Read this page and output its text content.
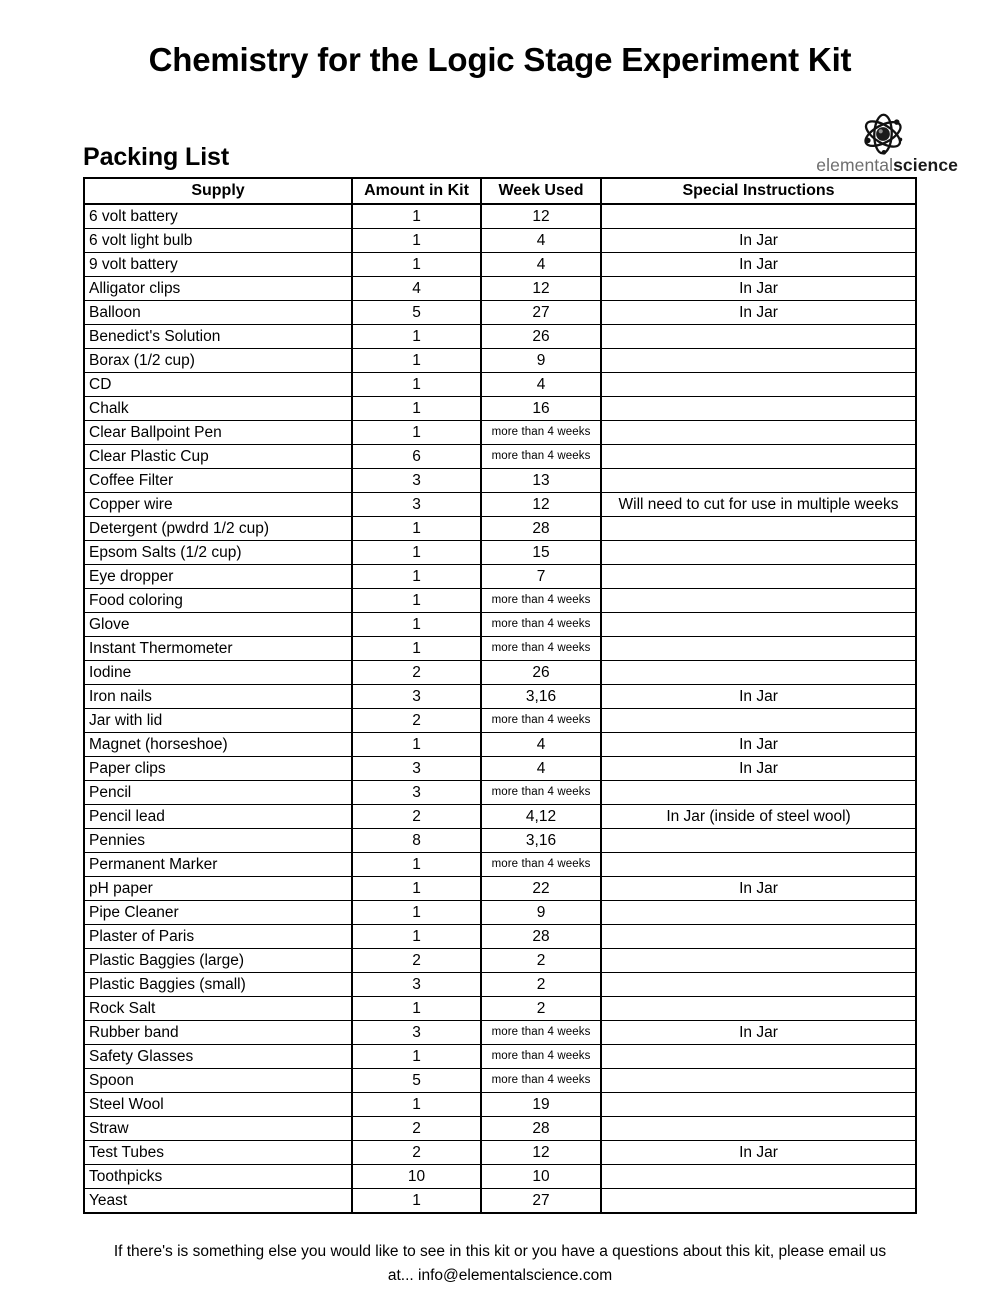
Chemistry for the Logic Stage Experiment Kit
Packing List	elementalscience
Supply	Amount in Kit	Week Used	Special Instructions
6 volt battery	1	12	
6 volt light bulb	1	4	In Jar
9 volt battery	1	4	In Jar
Alligator clips	4	12	In Jar
Balloon	5	27	In Jar
Benedict's Solution	1	26	
Borax (1/2 cup)	1	9	
CD	1	4	
Chalk	1	16	
Clear Ballpoint Pen	1	more than 4 weeks	
Clear Plastic Cup	6	more than 4 weeks	
Coffee Filter	3	13	
Copper wire	3	12	Will need to cut for use in multiple weeks
Detergent (pwdrd 1/2 cup)	1	28	
Epsom Salts (1/2 cup)	1	15	
Eye dropper	1	7	
Food coloring	1	more than 4 weeks	
Glove	1	more than 4 weeks	
Instant Thermometer	1	more than 4 weeks	
Iodine	2	26	
Iron nails	3	3,16	In Jar
Jar with lid	2	more than 4 weeks	
Magnet (horseshoe)	1	4	In Jar
Paper clips	3	4	In Jar
Pencil	3	more than 4 weeks	
Pencil lead	2	4,12	In Jar (inside of steel wool)
Pennies	8	3,16	
Permanent Marker	1	more than 4 weeks	
pH paper	1	22	In Jar
Pipe Cleaner	1	9	
Plaster of Paris	1	28	
Plastic Baggies (large)	2	2	
Plastic Baggies (small)	3	2	
Rock Salt	1	2	
Rubber band	3	more than 4 weeks	In Jar
Safety Glasses	1	more than 4 weeks	
Spoon	5	more than 4 weeks	
Steel Wool	1	19	
Straw	2	28	
Test Tubes	2	12	In Jar
Toothpicks	10	10	
Yeast	1	27	
If there's is something else you would like to see in this kit or you have a questions about this kit, please email us
at... info@elementalscience.com
